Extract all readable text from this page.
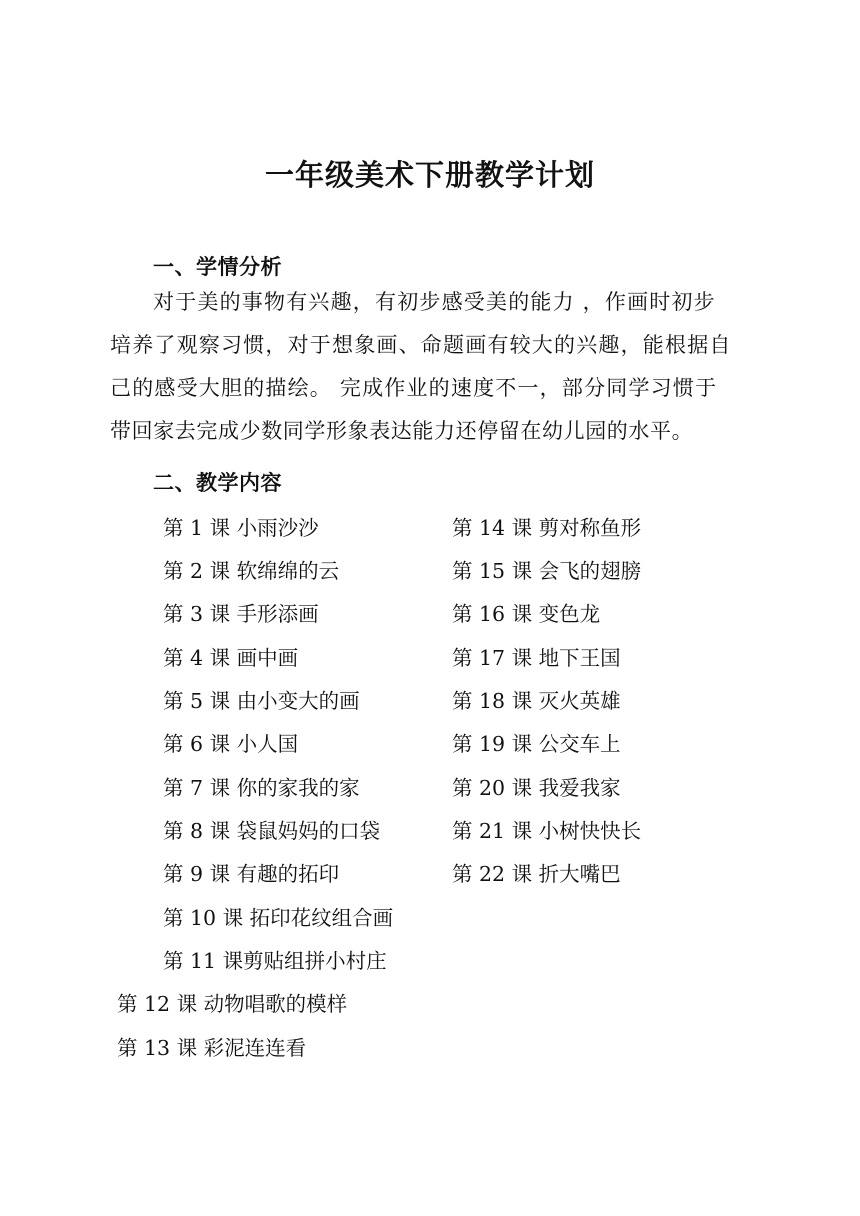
一年级美术下册教学计划
一、学情分析
对于美的事物有兴趣，有初步感受美的能力 ，作画时初步
培养了观察习惯，对于想象画、命题画有较大的兴趣，能根据自
己的感受大胆的描绘。 完成作业的速度不一，部分同学习惯于
带回家去完成少数同学形象表达能力还停留在幼儿园的水平。
二、教学内容
第 1 课 小雨沙沙
第 2 课 软绵绵的云
第 3 课 手形添画
第 4 课 画中画
第 5 课 由小变大的画
第 6 课 小人国
第 7 课 你的家我的家
第 8 课 袋鼠妈妈的口袋
第 9 课 有趣的拓印
第 10 课 拓印花纹组合画
第 11 课剪贴组拼小村庄
第 14 课 剪对称鱼形
第 15 课 会飞的翅膀
第 16 课 变色龙
第 17 课 地下王国
第 18 课 灭火英雄
第 19 课 公交车上
第 20 课 我爱我家
第 21 课 小树快快长
第 22 课 折大嘴巴
第 12 课 动物唱歌的模样
第 13 课 彩泥连连看
